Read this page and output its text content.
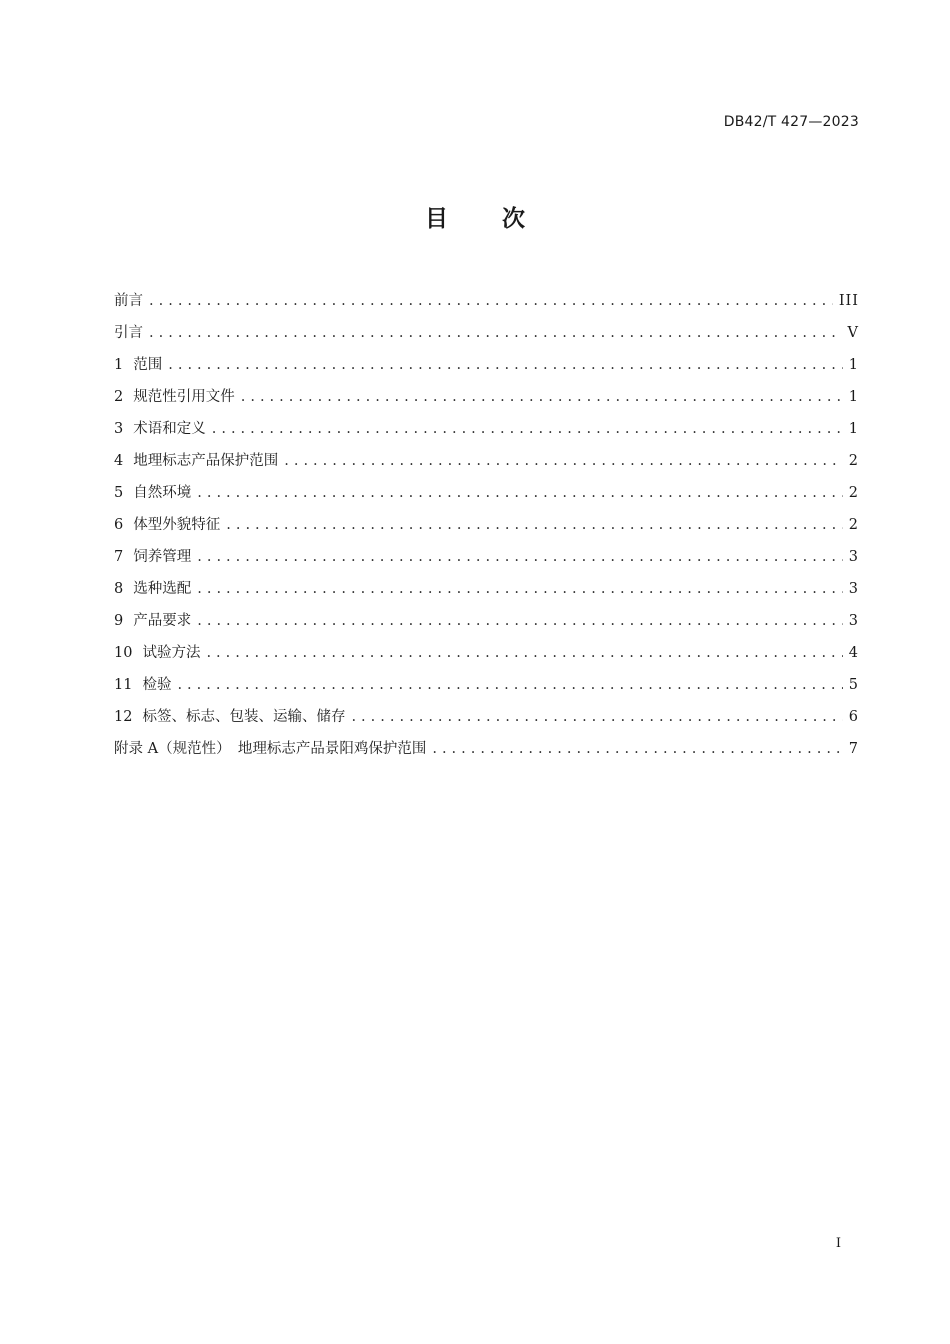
DB42/T 427—2023
目 次
前言 .....	III
引言 .....	V
1 范围 .....	1
2 规范性引用文件 .....	1
3 术语和定义 .....	1
4 地理标志产品保护范围 .....	2
5 自然环境 .....	2
6 体型外貌特征 .....	2
7 饲养管理 .....	3
8 选种选配 .....	3
9 产品要求 .....	3
10 试验方法 .....	4
11 检验 .....	5
12 标签、标志、包装、运输、储存 .....	6
附录 A（规范性）　地理标志产品景阳鸡保护范围 .....	7
I
